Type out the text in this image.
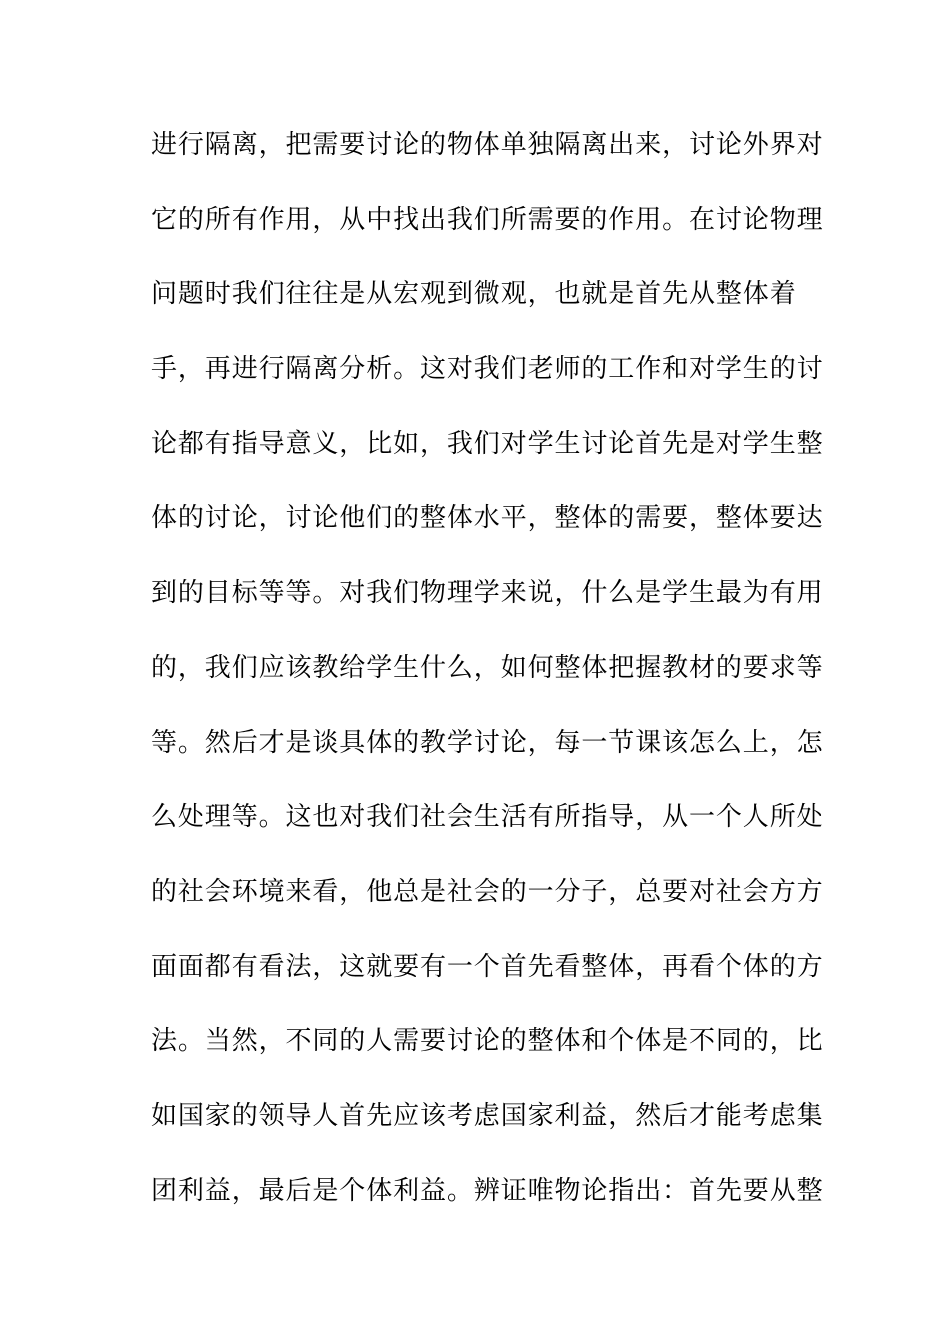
进行隔离，把需要讨论的物体单独隔离出来，讨论外界对
它的所有作用，从中找出我们所需要的作用。在讨论物理
问题时我们往往是从宏观到微观，也就是首先从整体着
手，再进行隔离分析。这对我们老师的工作和对学生的讨
论都有指导意义，比如，我们对学生讨论首先是对学生整
体的讨论，讨论他们的整体水平，整体的需要，整体要达
到的目标等等。对我们物理学来说，什么是学生最为有用
的，我们应该教给学生什么，如何整体把握教材的要求等
等。然后才是谈具体的教学讨论，每一节课该怎么上，怎
么处理等。这也对我们社会生活有所指导，从一个人所处
的社会环境来看，他总是社会的一分子，总要对社会方方
面面都有看法，这就要有一个首先看整体，再看个体的方
法。当然，不同的人需要讨论的整体和个体是不同的，比
如国家的领导人首先应该考虑国家利益，然后才能考虑集
团利益，最后是个体利益。辨证唯物论指出：首先要从整
